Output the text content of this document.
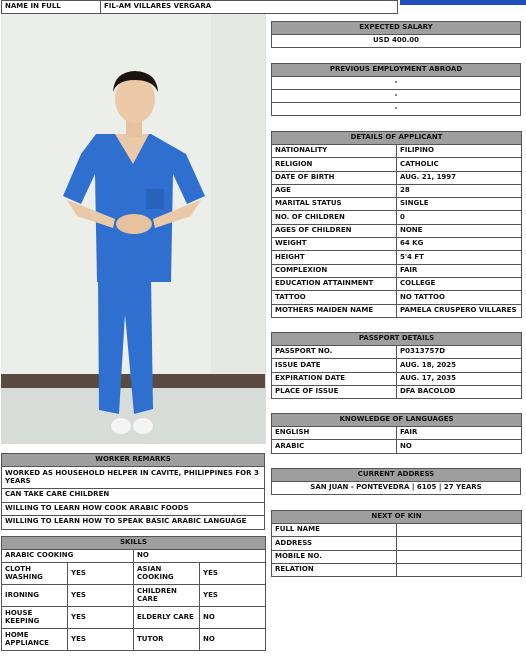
NAME IN FULL	FIL-AM VILLARES VERGARA
EXPECTED SALARY
USD 400.00
PREVIOUS EMPLOYMENT ABROAD
-
-
-
DETAILS OF APPLICANT	
NATIONALITY	FILIPINO
RELIGION	CATHOLIC
DATE OF BIRTH	AUG. 21, 1997
AGE	28
MARITAL STATUS	SINGLE
NO. OF CHILDREN	0
AGES OF CHILDREN	NONE
WEIGHT	64 KG
HEIGHT	5'4 FT
COMPLEXION	FAIR
EDUCATION ATTAINMENT	COLLEGE
TATTOO	NO TATTOO
MOTHERS MAIDEN NAME	PAMELA CRUSPERO VILLARES
PASSPORT DETAILS	
PASSPORT NO.	P0313757D
ISSUE DATE	AUG. 18, 2025
EXPIRATION DATE	AUG. 17, 2035
PLACE OF ISSUE	DFA BACOLOD
KNOWLEDGE OF LANGUAGES	
ENGLISH	FAIR
ARABIC	NO
CURRENT ADDRESS
SAN JUAN - PONTEVEDRA | 6105 | 27 YEARS
NEXT OF KIN	
FULL NAME	
ADDRESS	
MOBILE NO.	
RELATION	
WORKER REMARKS
WORKED AS HOUSEHOLD HELPER IN CAVITE, PHILIPPINES FOR 3 YEARS
CAN TAKE CARE CHILDREN
WILLING TO LEARN HOW COOK ARABIC FOODS
WILLING TO LEARN HOW TO SPEAK BASIC ARABIC LANGUAGE
SKILLS			
ARABIC COOKING		NO	
CLOTH WASHING	YES	ASIAN COOKING	YES
IRONING	YES	CHILDREN CARE	YES
HOUSE KEEPING	YES	ELDERLY CARE	NO
HOME APPLIANCE	YES	TUTOR	NO
